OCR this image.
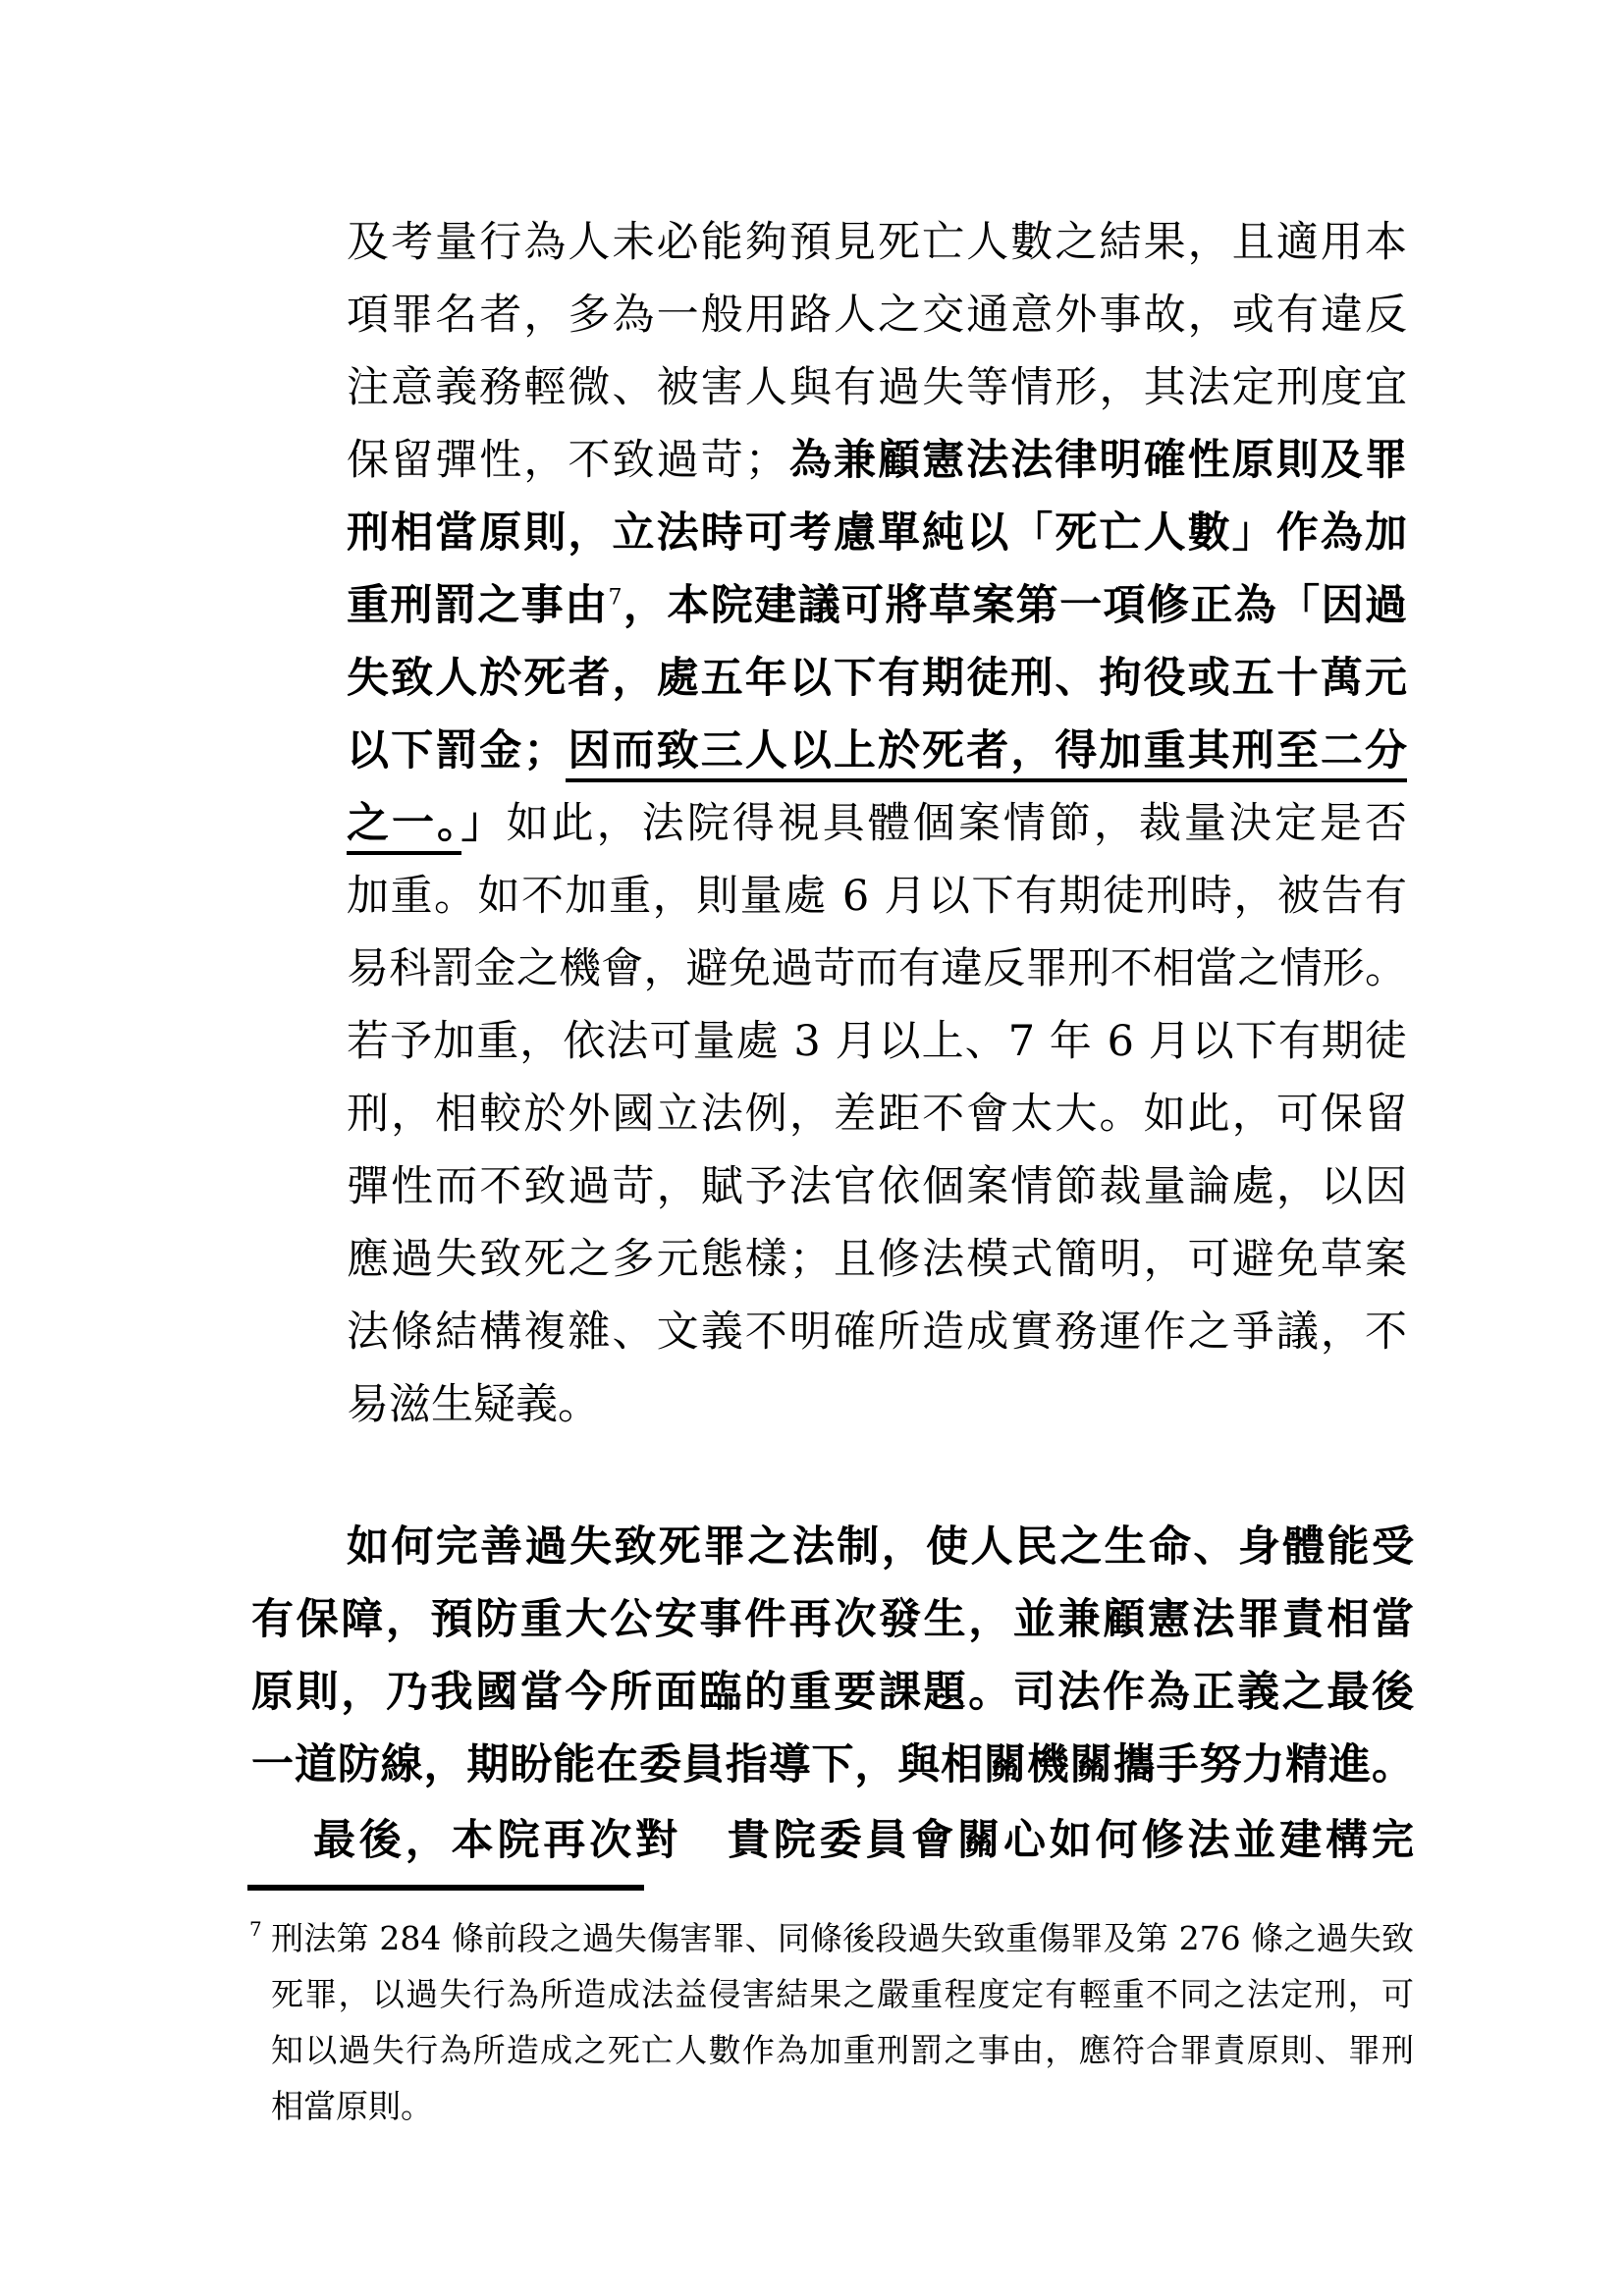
及考量行為人未必能夠預見死亡人數之結果，且適用本
項罪名者，多為一般用路人之交通意外事故，或有違反
注意義務輕微、被害人與有過失等情形，其法定刑度宜
保留彈性，不致過苛；為兼顧憲法法律明確性原則及罪
刑相當原則，立法時可考慮單純以「死亡人數」作為加
重刑罰之事由$^7$，本院建議可將草案第一項修正為「因過
失致人於死者，處五年以下有期徒刑、拘役或五十萬元
以下罰金；因而致三人以上於死者，得加重其刑至二分
之一。」如此，法院得視具體個案情節，裁量決定是否
加重。如不加重，則量處 6 月以下有期徒刑時，被告有
易科罰金之機會，避免過苛而有違反罪刑不相當之情形。
若予加重，依法可量處 3 月以上、7 年 6 月以下有期徒
刑，相較於外國立法例，差距不會太大。如此，可保留
彈性而不致過苛，賦予法官依個案情節裁量論處，以因
應過失致死之多元態樣；且修法模式簡明，可避免草案
法條結構複雜、文義不明確所造成實務運作之爭議，不
易滋生疑義。
如何完善過失致死罪之法制，使人民之生命、身體能受
有保障，預防重大公安事件再次發生，並兼顧憲法罪責相當
原則，乃我國當今所面臨的重要課題。司法作為正義之最後
一道防線，期盼能在委員指導下，與相關機關攜手努力精進。
最後，本院再次對　貴院委員會關心如何修法並建構完
7 刑法第 284 條前段之過失傷害罪、同條後段過失致重傷罪及第 276 條之過失致
死罪，以過失行為所造成法益侵害結果之嚴重程度定有輕重不同之法定刑，可
知以過失行為所造成之死亡人數作為加重刑罰之事由，應符合罪責原則、罪刑
相當原則。
